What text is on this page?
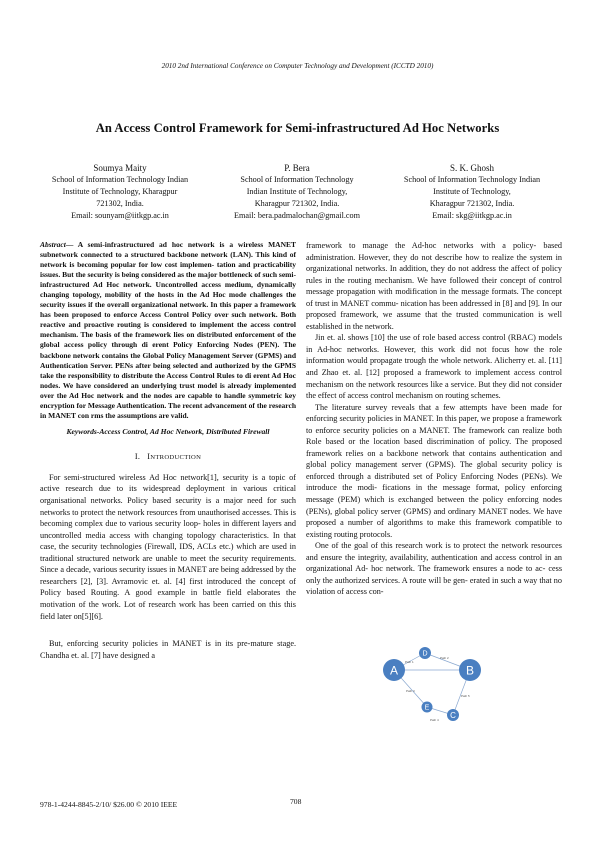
2010 2nd International Conference on Computer Technology and Development (ICCTD 2010)
An Access Control Framework for Semi-infrastructured Ad Hoc Networks
Soumya Maity
School of Information Technology Indian
Institute of Technology, Kharagpur
721302, India.
Email: sounyam@iitkgp.ac.in
P. Bera
School of Information Technology
Indian Institute of Technology,
Kharagpur 721302, India.
Email: bera.padmalochan@gmail.com
S. K. Ghosh
School of Information Technology Indian
Institute of Technology,
Kharagpur 721302, India.
Email: skg@iitkgp.ac.in

Abstract— A semi-infrastructured ad hoc network is a wireless MANET subnetwork connected to a structured backbone network (LAN). This kind of network is becoming popular for low cost implemen- tation and practicability issues. But the security is being considered as the major bottleneck of such semi-infrastructured Ad Hoc network. Uncontrolled access medium, dynamically changing topology, mobility of the hosts in the Ad Hoc mode challenges the security issues if the overall organizational network. In this paper a framework has been proposed to enforce Access Control Policy over such network. Both reactive and proactive routing is considered to implement the access control mechanism. The basis of the framework lies on distributed enforcement of the global access policy through di erent Policy Enforcing Nodes (PEN). The backbone network contains the Global Policy Management Server (GPMS) and Authentication Server. PENs after being selected and authorized by the GPMS take the responsibility to distribute the Access Control Rules to di erent Ad Hoc nodes. We have considered an underlying trust model is already implemented over the Ad Hoc network and the nodes are capable to handle symmetric key encryption for Message Authentication. The recent advancement of the research in MANET con rms the assumptions are valid.

Keywords-Access Control, Ad Hoc Network, Distributed Firewall

I. INTRODUCTION

For semi-structured wireless Ad Hoc network[1], security is a topic of active research due to its widespread deployment in various critical organisational networks. Policy based security is a major need for such networks to protect the network resources from unauthorised accesses. This is becoming complex due to various security loop- holes in different layers and uncontrolled media access with changing topology characteristics. In that case, the security technologies (Firewall, IDS, ACLs etc.) which are used in traditional structured network are unable to meet the security requirements. Since a decade, various security issues in MANET are being addressed by the researchers [2], [3]. Avramovic et. al. [4] first introduced the concept of Policy based Routing. A good example in battle field elaborates the motivation of the work. Lot of research work has been carried on this this field later on[5][6].

But, enforcing security policies in MANET is in its pre-mature stage. Chandha et. al. [7] have designed a

framework to manage the Ad-hoc networks with a policy- based administration. However, they do not describe how to realize the system in organizational networks. In addition, they do not address the affect of policy rules in the routing mechanism. We have followed their concept of control message propagation with modification in the message formats. The concept of trust in MANET commu- nication has been addressed in [8] and [9]. In our proposed framework, we assume that the trusted communication is well established in the network.

Jin et. al. shows [10] the use of role based access control (RBAC) models in Ad-hoc networks. However, this work did not focus how the role information would propagate trough the whole network. Alicherry et. al. [11] and Zhao et. al. [12] proposed a framework to implement access control mechanism on the network resources like a service. But they did not consider the effect of access control mechanism on routing schemes.

The literature survey reveals that a few attempts have been made for enforcing security policies in MANET. In this paper, we propose a framework to enforce security policies on a MANET. The framework can realize both Role based or the location based discrimination of policy. The proposed framework relies on a backbone network that contains authentication and global policy management server (GPMS). The global security policy is enforced through a distributed set of Policy Enforcing Nodes (PENs). We introduce the modi- fications in the message format, policy enforcing message (PEM) which is exchanged between the policy enforcing nodes (PENs), global policy server (GPMS) and ordinary MANET nodes. We have proposed a number of algorithms to make this framework compatible to existing routing protocols.

One of the goal of this research work is to protect the network resources and ensure the integrity, availability, authentication and access control in an organizational Ad- hoc network. The framework ensures a node to ac- cess only the authorized services. A route will be gen- erated in such a way that no violation of access con-

Path 1
Path 2
Path 3
Path 4
Path 5
A	B
C
D
E
978-1-4244-8845-2/10/ $26.00 © 2010 IEEE	708
